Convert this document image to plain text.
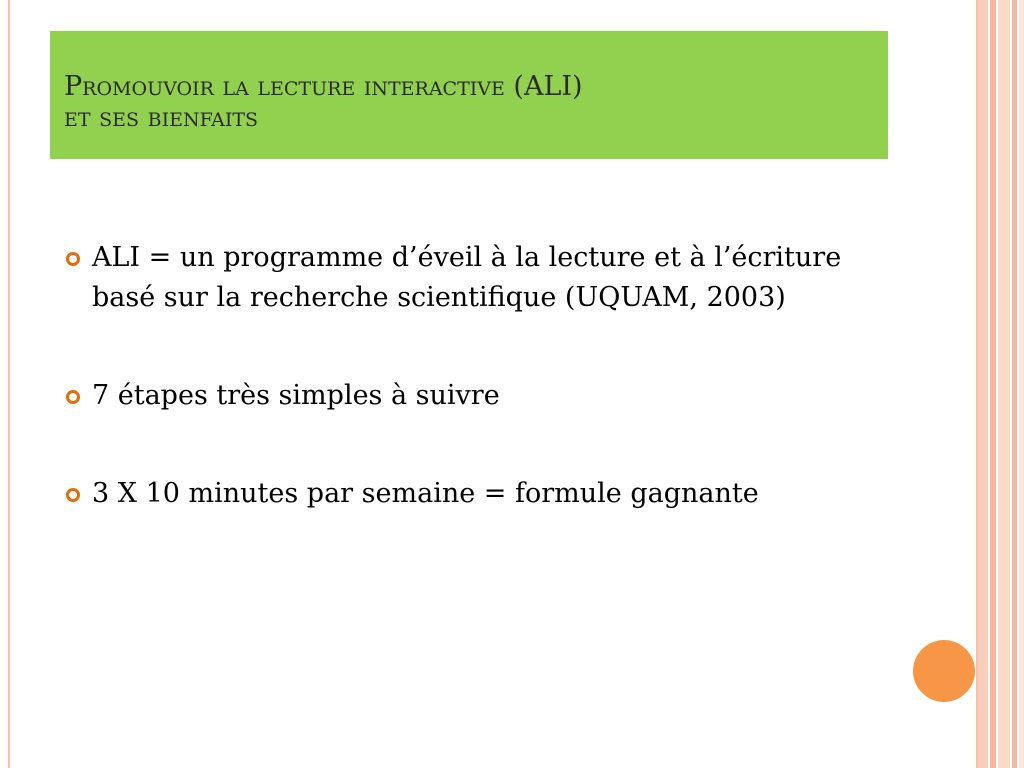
Promouvoir la lecture interactive (ALI)
et ses bienfaits
ALI = un programme d’éveil à la lecture et à l’écriture basé sur la recherche scientifique (UQUAM, 2003)
7 étapes très simples à suivre
3 X 10 minutes par semaine = formule gagnante
